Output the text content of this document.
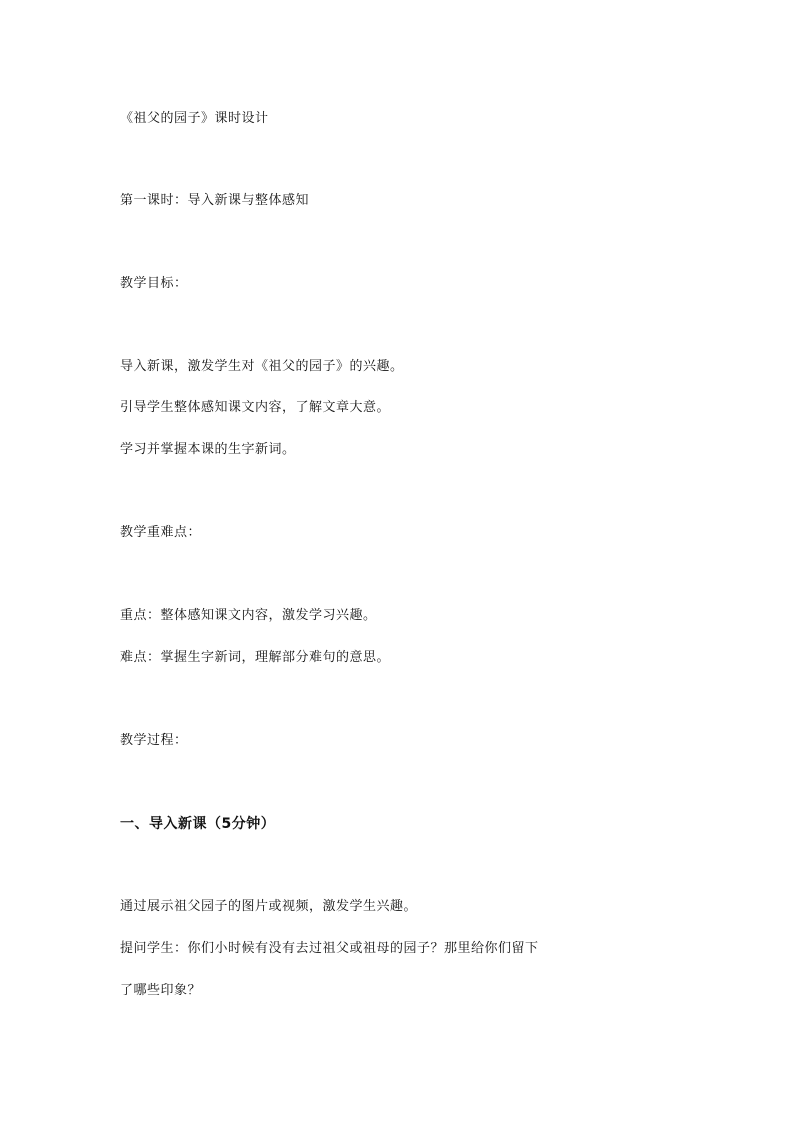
《祖父的园子》课时设计
第一课时：导入新课与整体感知
教学目标：
导入新课，激发学生对《祖父的园子》的兴趣。
引导学生整体感知课文内容，了解文章大意。
学习并掌握本课的生字新词。
教学重难点：
重点：整体感知课文内容，激发学习兴趣。
难点：掌握生字新词，理解部分难句的意思。
教学过程：
一、导入新课（5分钟）
通过展示祖父园子的图片或视频，激发学生兴趣。
提问学生：你们小时候有没有去过祖父或祖母的园子？那里给你们留下
了哪些印象？
